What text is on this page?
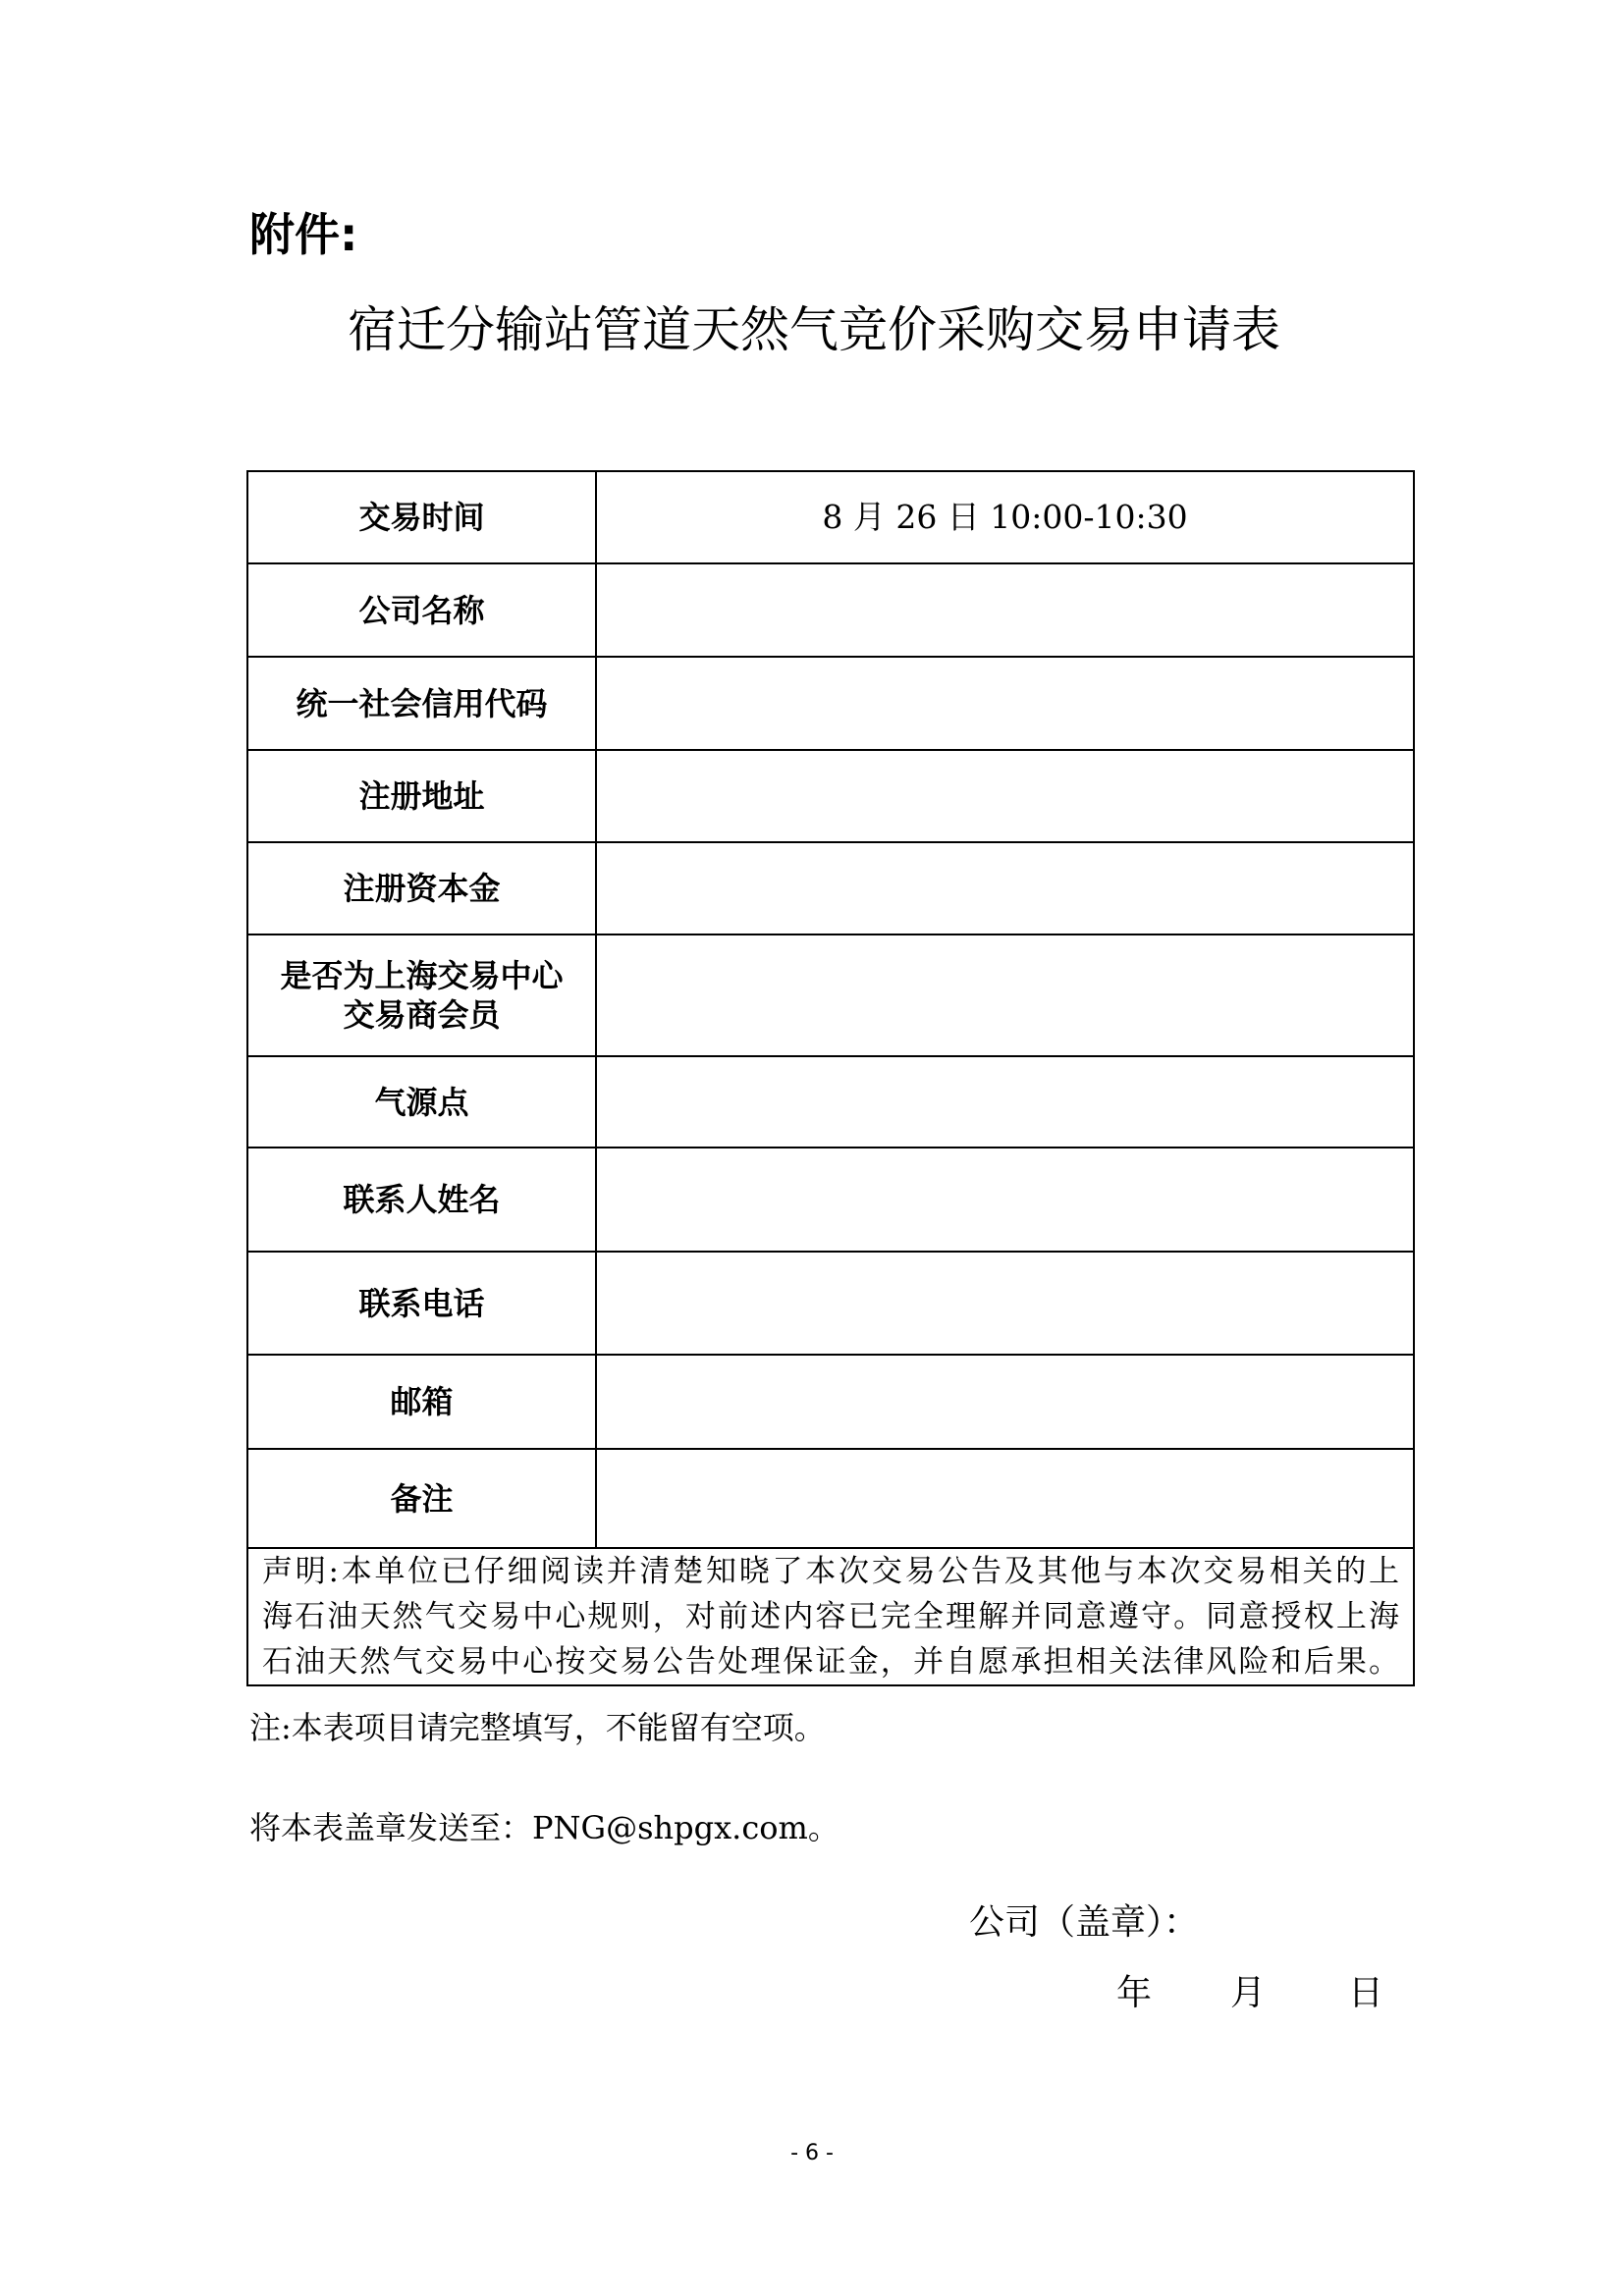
附件:
宿迁分输站管道天然气竞价采购交易申请表
交易时间	8 月 26 日 10:00-10:30
公司名称	
统一社会信用代码	
注册地址	
注册资本金	

是否为上海交易中心
交易商会员	

气源点	
联系人姓名	
联系电话	
邮箱	
备注	

声明:本单位已仔细阅读并清楚知晓了本次交易公告及其他与本次交易相关的上
海石油天然气交易中心规则，对前述内容已完全理解并同意遵守。同意授权上海
石油天然气交易中心按交易公告处理保证金，并自愿承担相关法律风险和后果。	
注:本表项目请完整填写，不能留有空项。
将本表盖章发送至：PNG@shpgx.com。
公司（盖章）：
年 月 日
- 6 -
